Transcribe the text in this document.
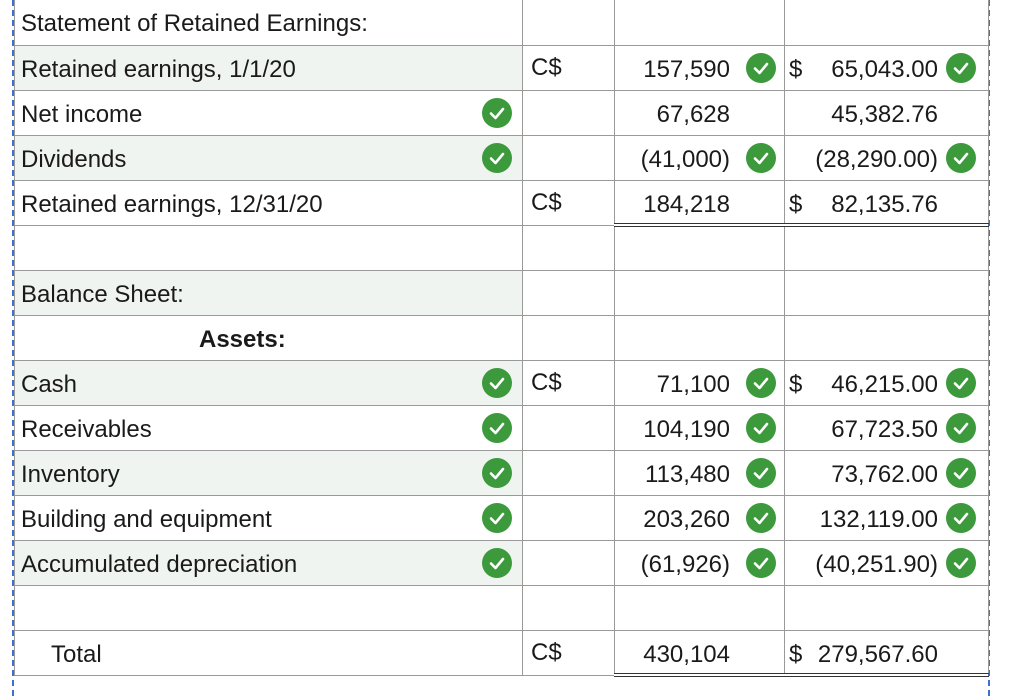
Statement of Retained Earnings:			

Retained earnings, 1/1/20	C$	157,590	$ 65,043.00

Net income		67,628	45,382.76

Dividends		(41,000)	(28,290.00)

Retained earnings, 12/31/20	C$	184,218	$ 82,135.76

Balance Sheet:			

Assets:			

Cash	C$	71,100	$ 46,215.00

Receivables		104,190	67,723.50

Inventory		113,480	73,762.00

Building and equipment		203,260	132,119.00

Accumulated depreciation		(61,926)	(40,251.90)

Total	C$	430,104	$ 279,567.60
